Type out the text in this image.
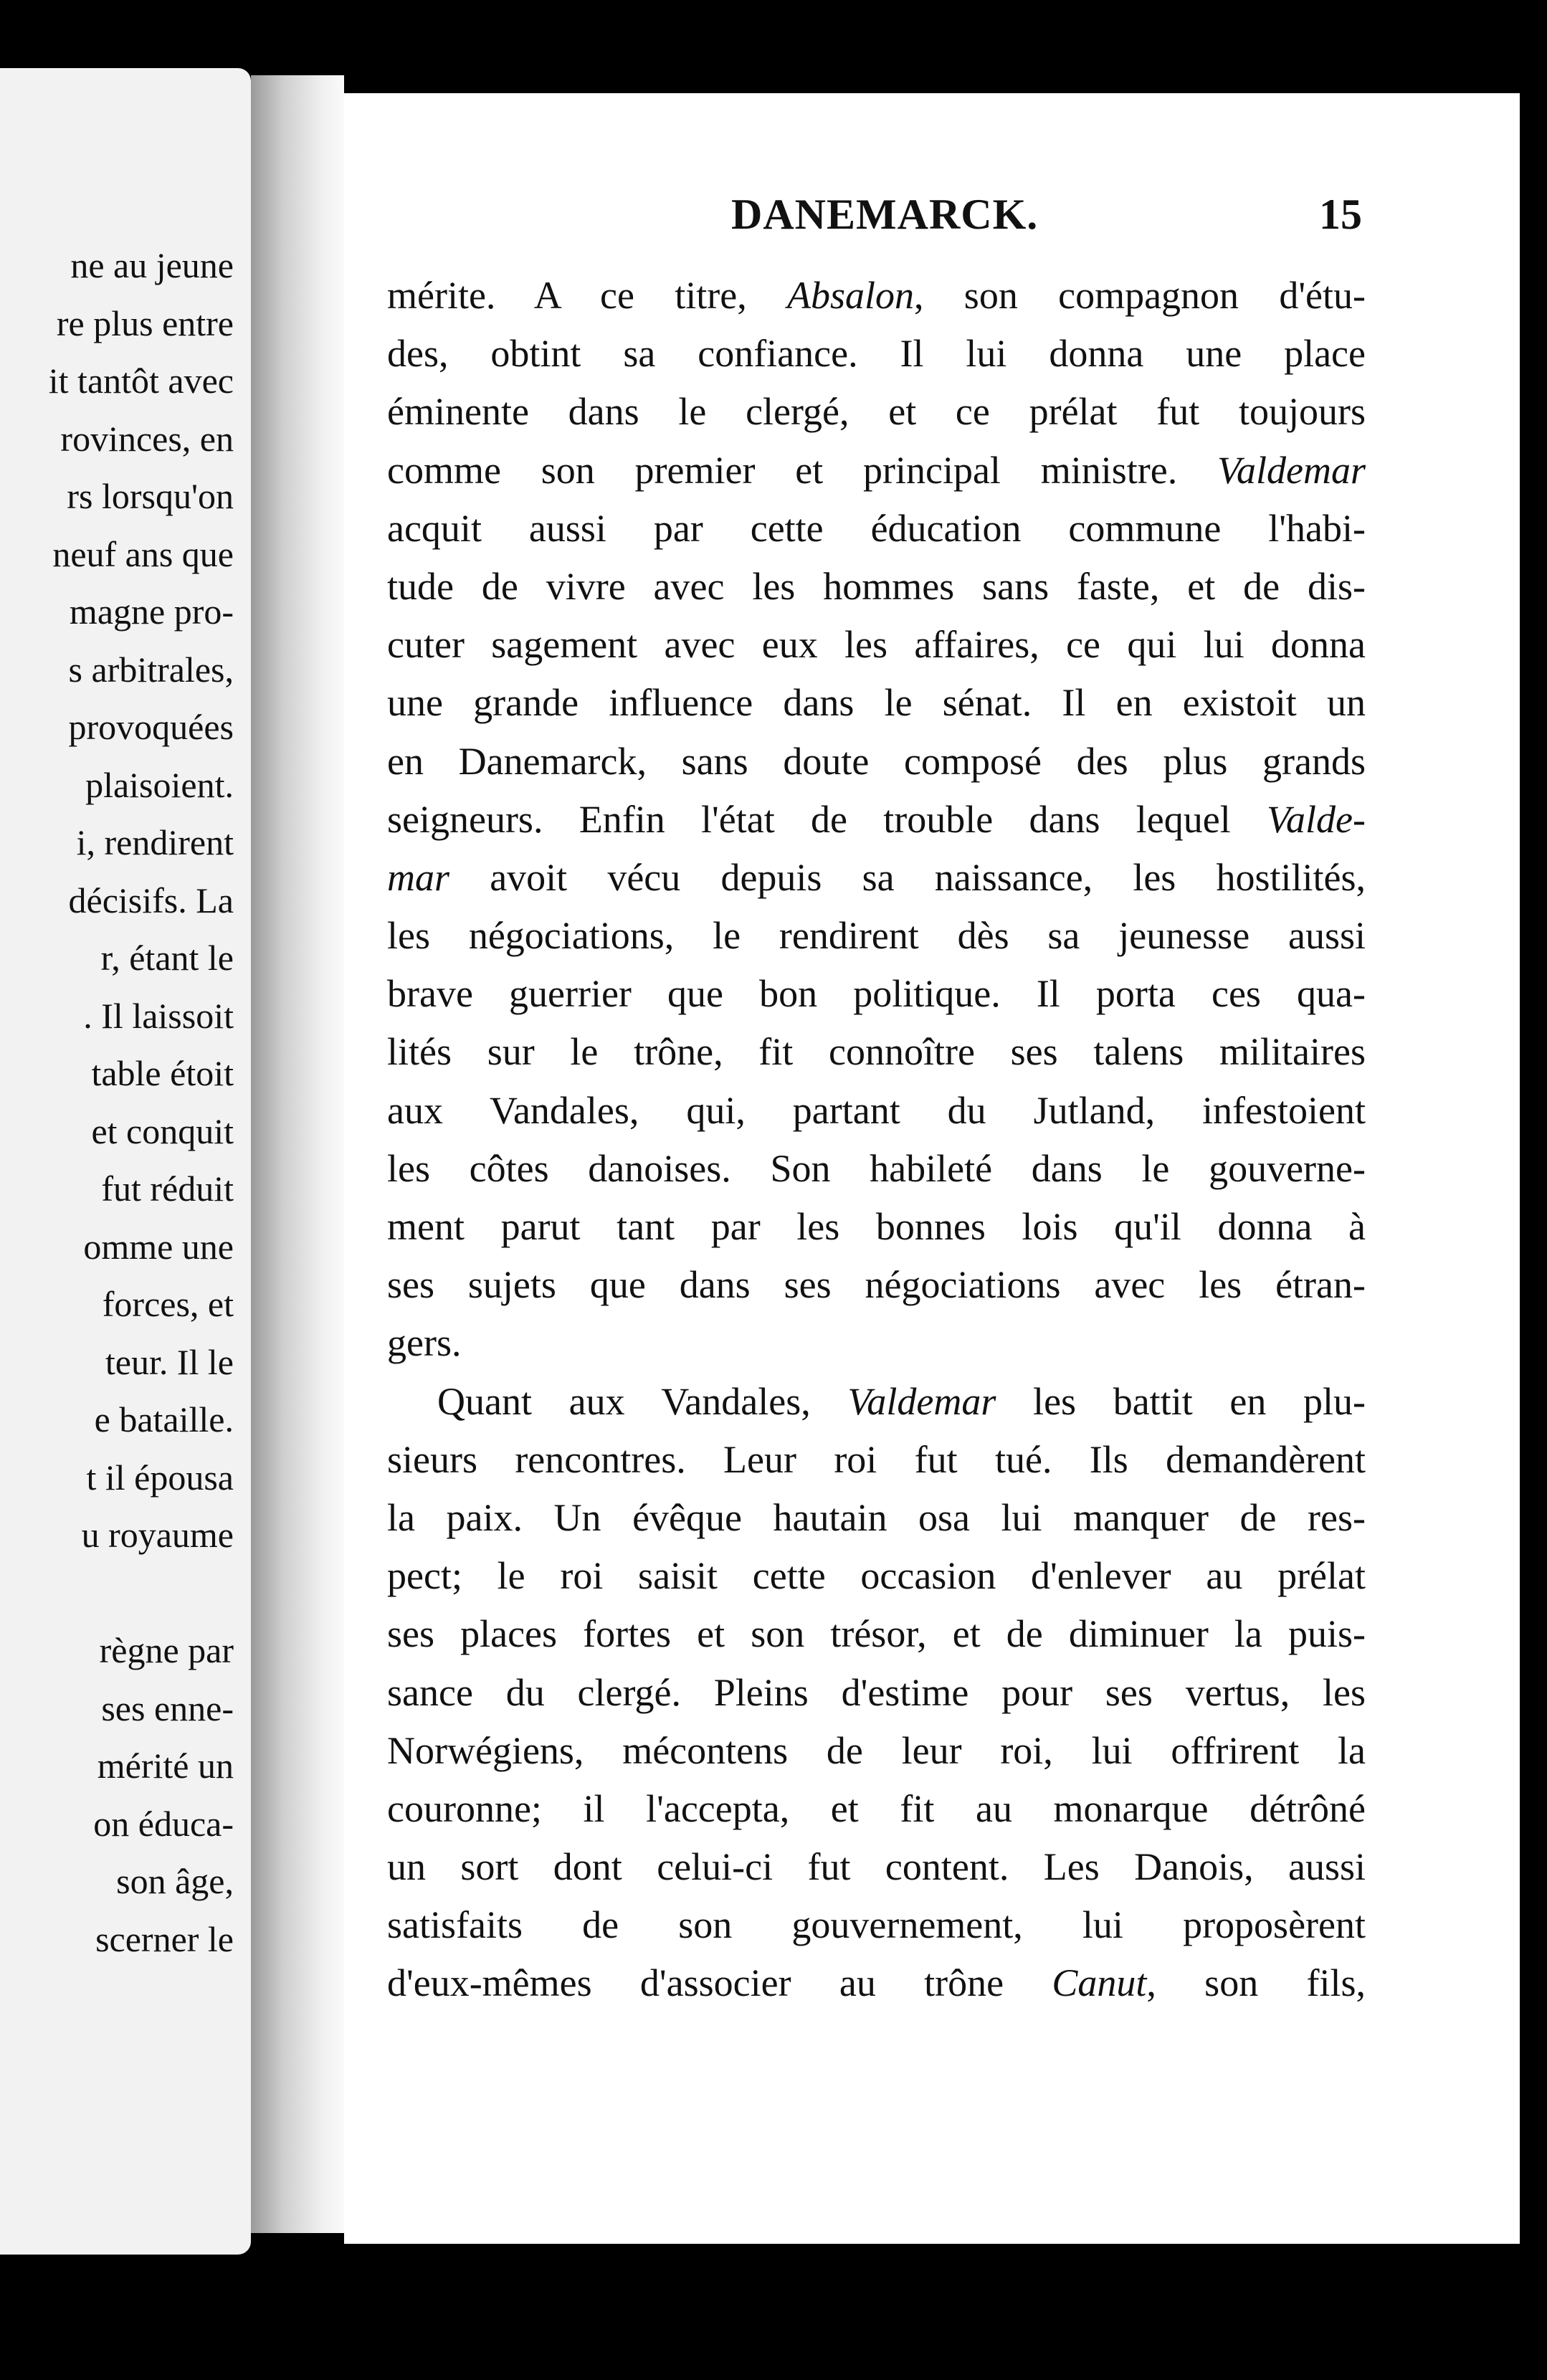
ne au jeune
re plus entre
it tantôt avec
rovinces, en
rs lorsqu'on
neuf ans que
magne pro-
s arbitrales,
provoquées
plaisoient.
i, rendirent
décisifs. La
r, étant le
. Il laissoit
table étoit
et conquit
fut réduit
omme une
forces, et
teur. Il le
e bataille.
t il épousa
u royaume
règne par
ses enne-
mérité un
on éduca-
son âge,
scerner le
DANEMARCK.	15
mérite. A ce titre, Absalon, son compagnon d'étu-
des, obtint sa confiance. Il lui donna une place
éminente dans le clergé, et ce prélat fut toujours
comme son premier et principal ministre. Valdemar
acquit aussi par cette éducation commune l'habi-
tude de vivre avec les hommes sans faste, et de dis-
cuter sagement avec eux les affaires, ce qui lui donna
une grande influence dans le sénat. Il en existoit un
en Danemarck, sans doute composé des plus grands
seigneurs. Enfin l'état de trouble dans lequel Valde-
mar avoit vécu depuis sa naissance, les hostilités,
les négociations, le rendirent dès sa jeunesse aussi
brave guerrier que bon politique. Il porta ces qua-
lités sur le trône, fit connoître ses talens militaires
aux Vandales, qui, partant du Jutland, infestoient
les côtes danoises. Son habileté dans le gouverne-
ment parut tant par les bonnes lois qu'il donna à
ses sujets que dans ses négociations avec les étran-
gers.
Quant aux Vandales, Valdemar les battit en plu-
sieurs rencontres. Leur roi fut tué. Ils demandèrent
la paix. Un évêque hautain osa lui manquer de res-
pect; le roi saisit cette occasion d'enlever au prélat
ses places fortes et son trésor, et de diminuer la puis-
sance du clergé. Pleins d'estime pour ses vertus, les
Norwégiens, mécontens de leur roi, lui offrirent la
couronne; il l'accepta, et fit au monarque détrôné
un sort dont celui-ci fut content. Les Danois, aussi
satisfaits de son gouvernement, lui proposèrent
d'eux-mêmes d'associer au trône Canut, son fils,
